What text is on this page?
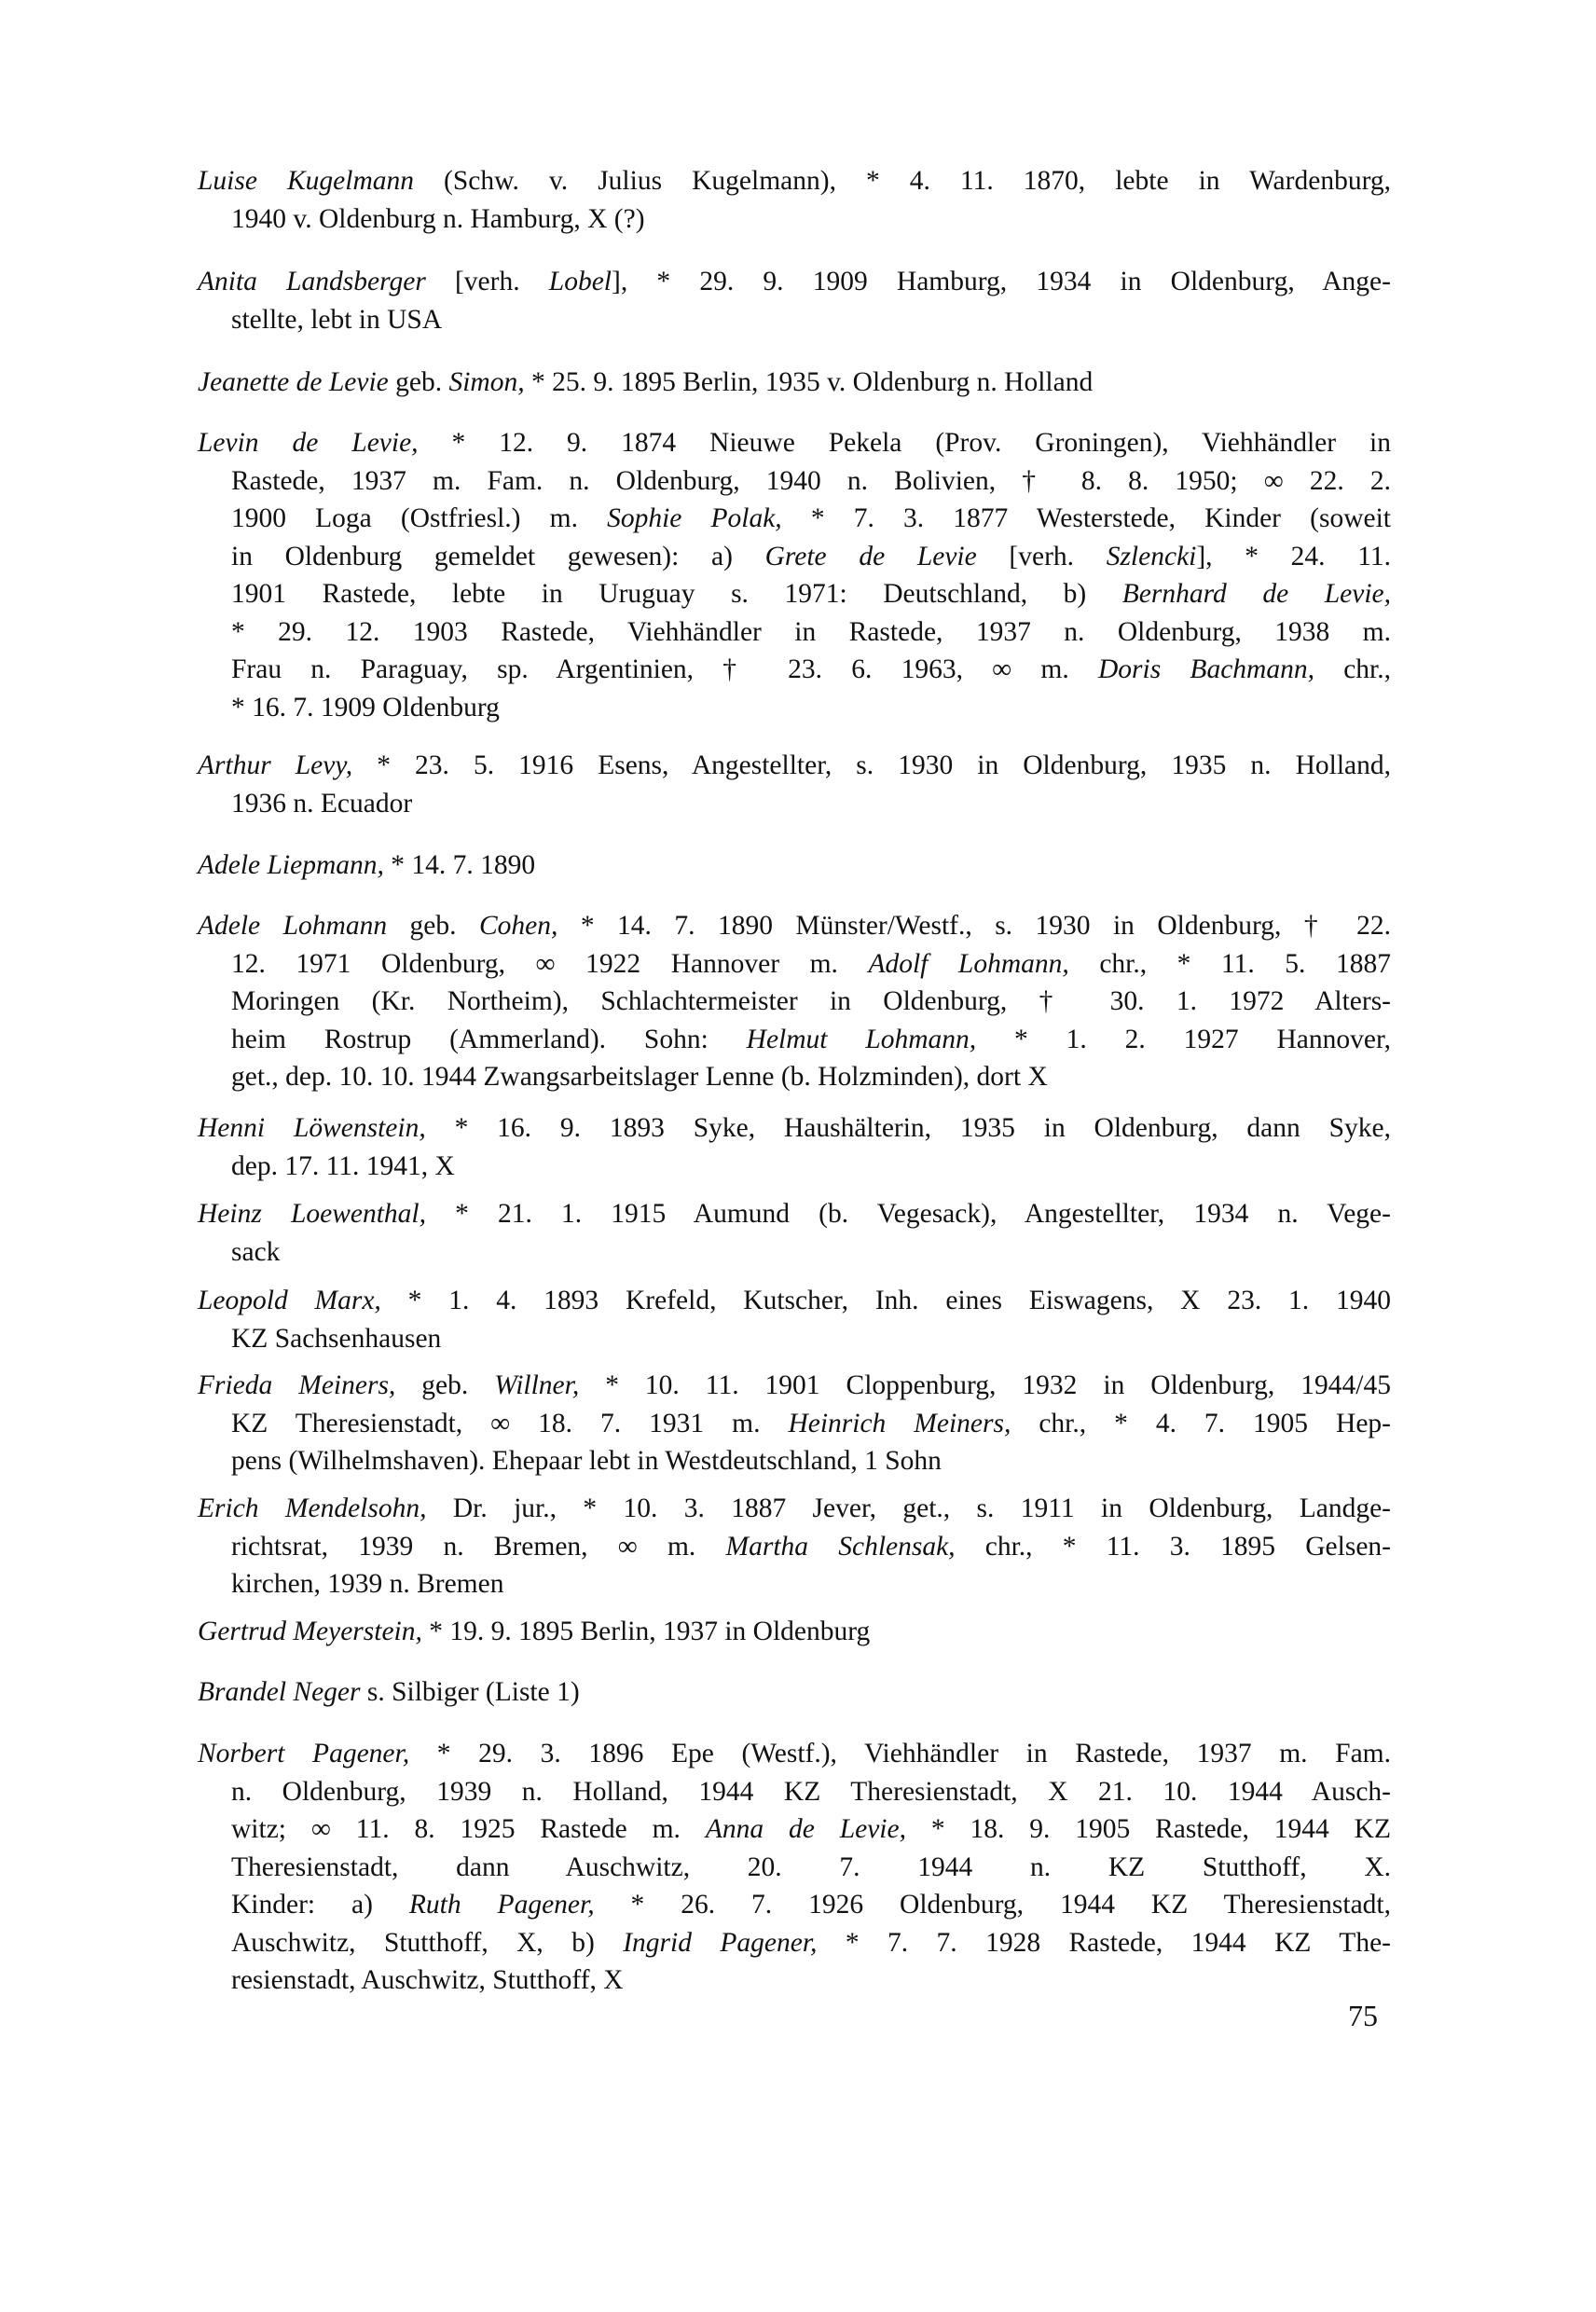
Luise Kugelmann (Schw. v. Julius Kugelmann), * 4. 11. 1870, lebte in Wardenburg,
1940 v. Oldenburg n. Hamburg, X (?)
Anita Landsberger [verh. Lobel], * 29. 9. 1909 Hamburg, 1934 in Oldenburg, Ange-
stellte, lebt in USA
Jeanette de Levie geb. Simon, * 25. 9. 1895 Berlin, 1935 v. Oldenburg n. Holland
Levin de Levie, * 12. 9. 1874 Nieuwe Pekela (Prov. Groningen), Viehhändler in
Rastede, 1937 m. Fam. n. Oldenburg, 1940 n. Bolivien, † 8. 8. 1950; ∞ 22. 2.
1900 Loga (Ostfriesl.) m. Sophie Polak, * 7. 3. 1877 Westerstede, Kinder (soweit
in Oldenburg gemeldet gewesen): a) Grete de Levie [verh. Szlencki], * 24. 11.
1901 Rastede, lebte in Uruguay s. 1971: Deutschland, b) Bernhard de Levie,
* 29. 12. 1903 Rastede, Viehhändler in Rastede, 1937 n. Oldenburg, 1938 m.
Frau n. Paraguay, sp. Argentinien, † 23. 6. 1963, ∞ m. Doris Bachmann, chr.,
* 16. 7. 1909 Oldenburg
Arthur Levy, * 23. 5. 1916 Esens, Angestellter, s. 1930 in Oldenburg, 1935 n. Holland,
1936 n. Ecuador
Adele Liepmann, * 14. 7. 1890
Adele Lohmann geb. Cohen, * 14. 7. 1890 Münster/Westf., s. 1930 in Oldenburg, † 22.
12. 1971 Oldenburg, ∞ 1922 Hannover m. Adolf Lohmann, chr., * 11. 5. 1887
Moringen (Kr. Northeim), Schlachtermeister in Oldenburg, † 30. 1. 1972 Alters-
heim Rostrup (Ammerland). Sohn: Helmut Lohmann, * 1. 2. 1927 Hannover,
get., dep. 10. 10. 1944 Zwangsarbeitslager Lenne (b. Holzminden), dort X
Henni Löwenstein, * 16. 9. 1893 Syke, Haushälterin, 1935 in Oldenburg, dann Syke,
dep. 17. 11. 1941, X
Heinz Loewenthal, * 21. 1. 1915 Aumund (b. Vegesack), Angestellter, 1934 n. Vege-
sack
Leopold Marx, * 1. 4. 1893 Krefeld, Kutscher, Inh. eines Eiswagens, X 23. 1. 1940
KZ Sachsenhausen
Frieda Meiners, geb. Willner, * 10. 11. 1901 Cloppenburg, 1932 in Oldenburg, 1944/45
KZ Theresienstadt, ∞ 18. 7. 1931 m. Heinrich Meiners, chr., * 4. 7. 1905 Hep-
pens (Wilhelmshaven). Ehepaar lebt in Westdeutschland, 1 Sohn
Erich Mendelsohn, Dr. jur., * 10. 3. 1887 Jever, get., s. 1911 in Oldenburg, Landge-
richtsrat, 1939 n. Bremen, ∞ m. Martha Schlensak, chr., * 11. 3. 1895 Gelsen-
kirchen, 1939 n. Bremen
Gertrud Meyerstein, * 19. 9. 1895 Berlin, 1937 in Oldenburg
Brandel Neger s. Silbiger (Liste 1)
Norbert Pagener, * 29. 3. 1896 Epe (Westf.), Viehhändler in Rastede, 1937 m. Fam.
n. Oldenburg, 1939 n. Holland, 1944 KZ Theresienstadt, X 21. 10. 1944 Ausch-
witz; ∞ 11. 8. 1925 Rastede m. Anna de Levie, * 18. 9. 1905 Rastede, 1944 KZ
Theresienstadt, dann Auschwitz, 20. 7. 1944 n. KZ Stutthoff, X.
Kinder: a) Ruth Pagener, * 26. 7. 1926 Oldenburg, 1944 KZ Theresienstadt,
Auschwitz, Stutthoff, X, b) Ingrid Pagener, * 7. 7. 1928 Rastede, 1944 KZ The-
resienstadt, Auschwitz, Stutthoff, X
75
